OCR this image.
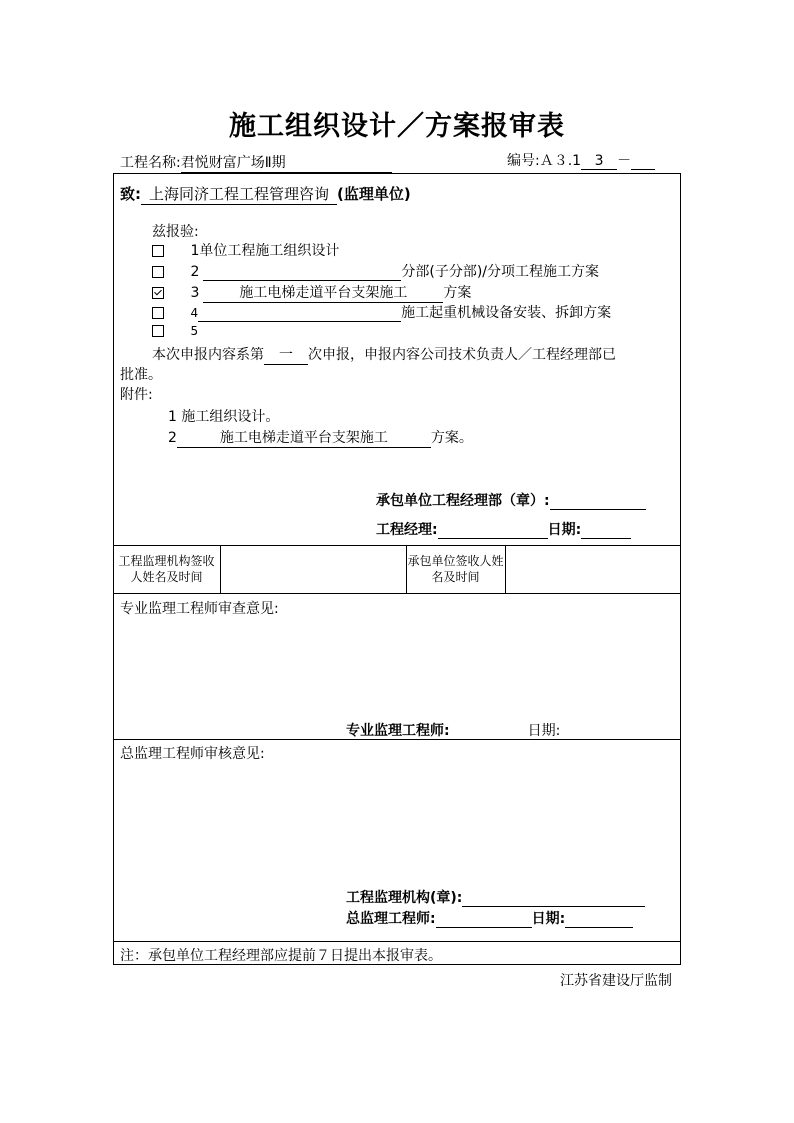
施工组织设计／方案报审表
工程名称:君悦财富广场Ⅱ期	编号:Ａ３.1 3 －
致: 上海同济工程工程管理咨询 (监理单位)
兹报验:
1单位工程施工组织设计
2	分部(子分部)/分项工程施工方案
3	施工电梯走道平台支架施工	方案
4	施工起重机械设备安装、拆卸方案
5
本次申报内容系第 一 次申报，申报内容公司技术负责人／工程经理部已
批准。
附件:
1 施工组织设计。
2	施工电梯走道平台支架施工	方案。
承包单位工程经理部（章）:
工程经理:	日期:
工程监理机构签收人姓名及时间
承包单位签收人姓名及时间
专业监理工程师审查意见:
专业监理工程师:	日期:
总监理工程师审核意见:
工程监理机构(章):
总监理工程师:	日期:
注：承包单位工程经理部应提前７日提出本报审表。
江苏省建设厅监制
